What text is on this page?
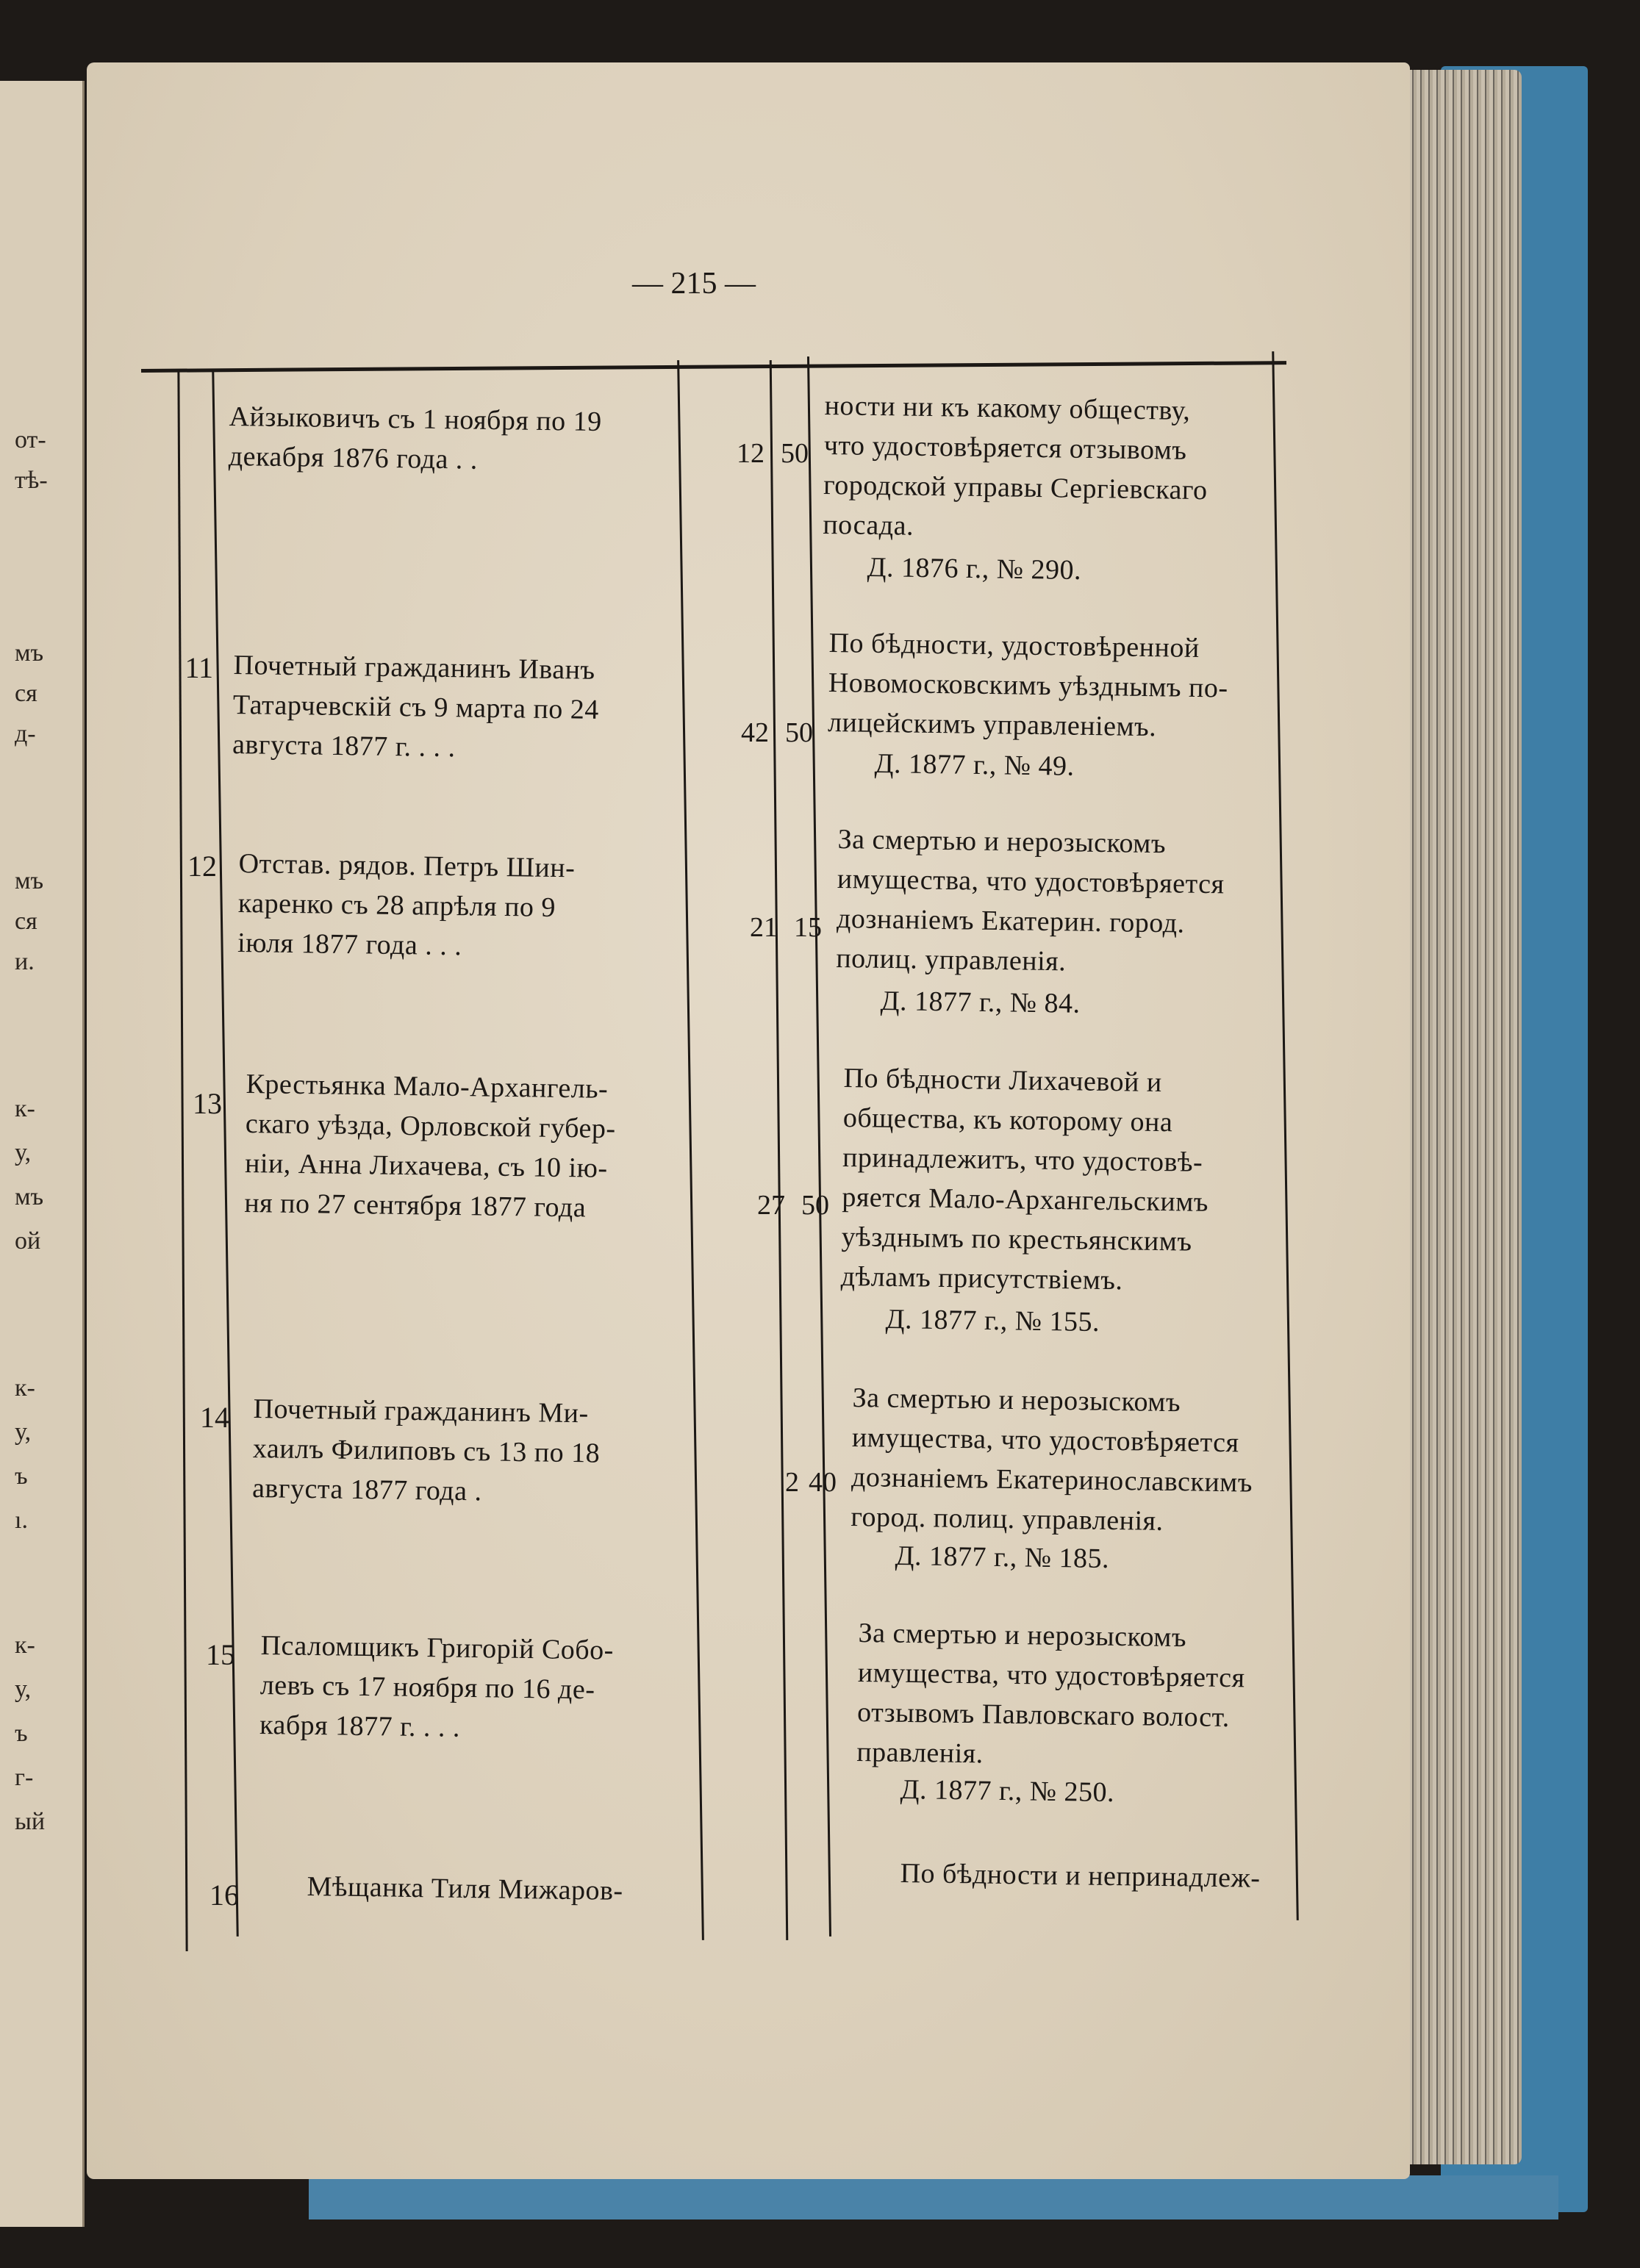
от-
тѣ-
мъ
ся
д-
мъ
ся
и.
к-
у,
мъ
ой
к-
у,
ъ
ı.
к-
у,
ъ
г-
ый
— 215 —
Айзыковичъ съ 1 ноября по 19
декабря 1876 года . .	12 50
ности ни къ какому обществу,
что удостовѣряется отзывомъ
городской управы Сергіевскаго
посада.
Д. 1876 г., № 290.
11 Почетный гражданинъ Иванъ
Татарчевскій съ 9 марта по 24
августа 1877 г. . . .	42 50
По бѣдности, удостовѣренной
Новомосковскимъ уѣзднымъ по-
лицейскимъ управленіемъ.
Д. 1877 г., № 49.
12 Отстав. рядов. Петръ Шин-
каренко съ 28 апрѣля по 9
іюля 1877 года . . .	21 15
За смертью и нерозыскомъ
имущества, что удостовѣряется
дознаніемъ Екатерин. город.
полиц. управленія.
Д. 1877 г., № 84.
13 Крестьянка Мало-Архангель-
скаго уѣзда, Орловской губер-
ніи, Анна Лихачева, съ 10 ію-
ня по 27 сентября 1877 года	27 50
По бѣдности Лихачевой и
общества, къ которому она
принадлежитъ, что удостовѣ-
ряется Мало-Архангельскимъ
уѣзднымъ по крестьянскимъ
дѣламъ присутствіемъ.
Д. 1877 г., № 155.
14 Почетный гражданинъ Ми-
хаилъ Филиповъ съ 13 по 18
августа 1877 года .	2 40
За смертью и нерозыскомъ
имущества, что удостовѣряется
дознаніемъ Екатеринославскимъ
город. полиц. управленія.
Д. 1877 г., № 185.
15 Псаломщикъ Григорій Собо-
левъ съ 17 ноября по 16 де-
кабря 1877 г. . . .
За смертью и нерозыскомъ
имущества, что удостовѣряется
отзывомъ Павловскаго волост.
правленія.
Д. 1877 г., № 250.
16 Мѣщанка Тиля Мижаров-	По бѣдности и непринадлеж-
